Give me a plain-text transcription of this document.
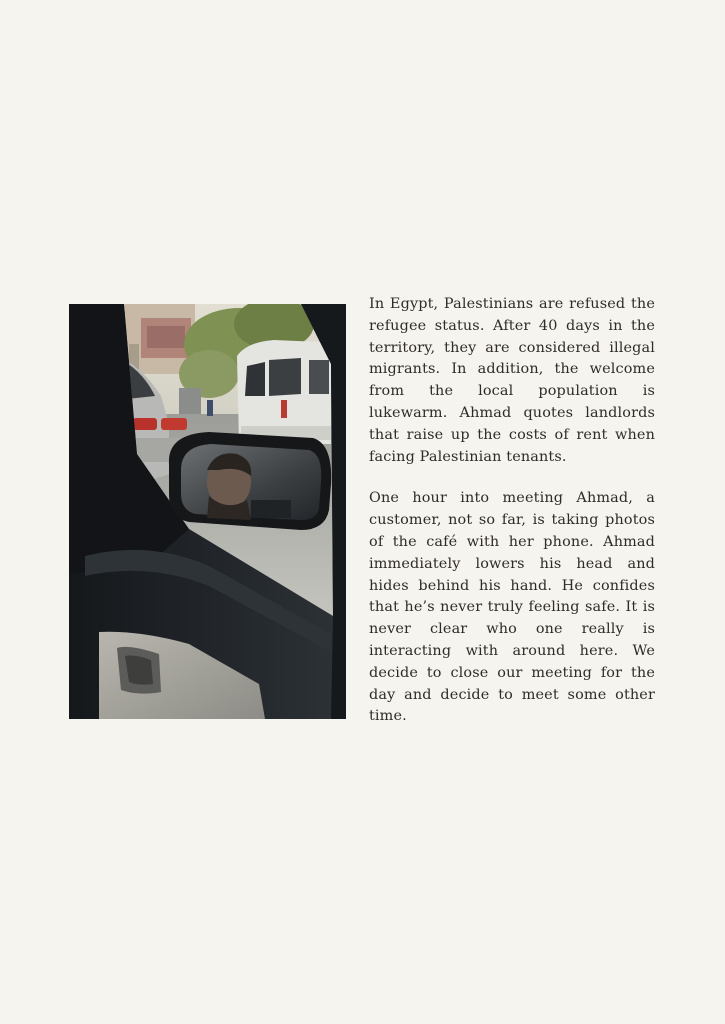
In Egypt, Palestinians are refused the refugee status. After 40 days in the territory, they are considered illegal migrants. In addition, the welcome from the local population is lukewarm. Ahmad quotes landlords that raise up the costs of rent when facing Palestinian tenants.

One hour into meeting Ahmad, a customer, not so far, is taking photos of the café with her phone. Ahmad immediately lowers his head and hides behind his hand. He confides that he’s never truly feeling safe. It is never clear who one really is interacting with around here. We decide to close our meeting for the day and decide to meet some other time.
